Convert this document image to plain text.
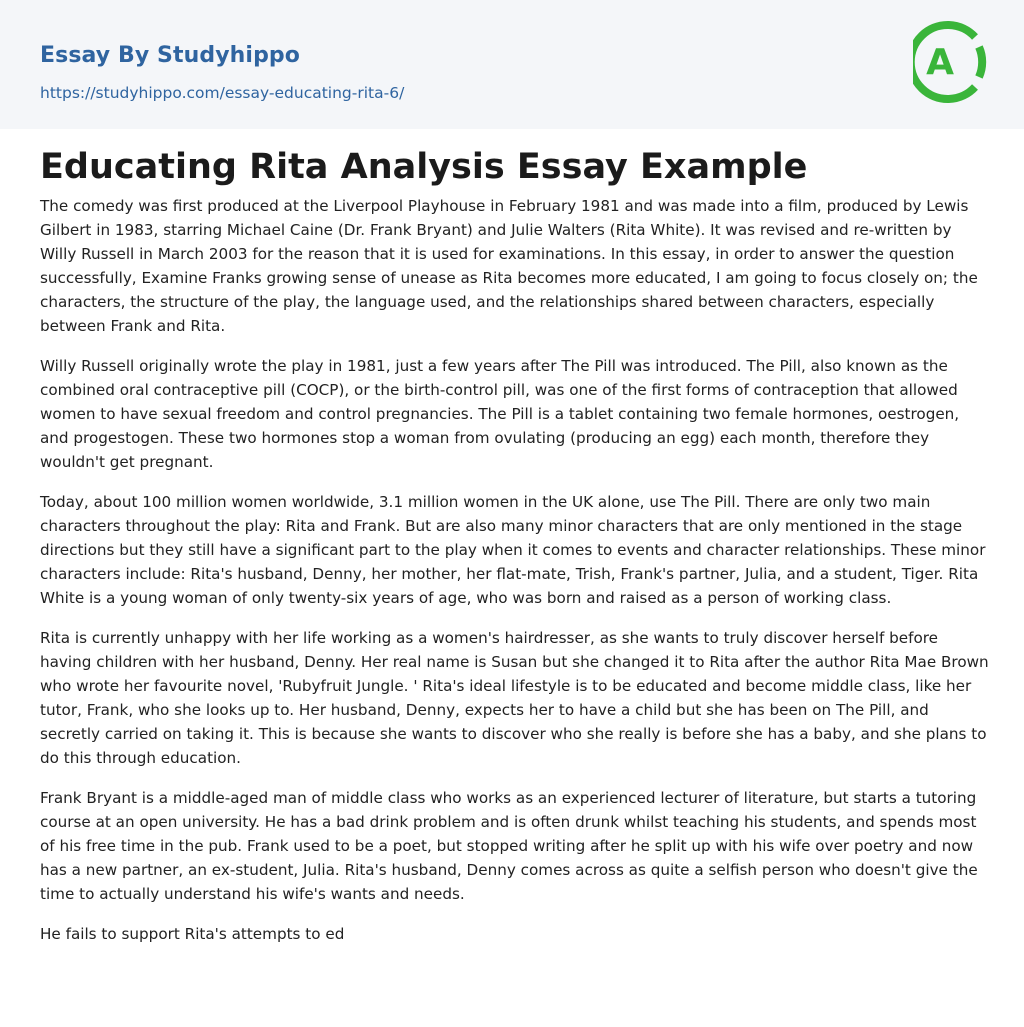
Essay By Studyhippo
https://studyhippo.com/essay-educating-rita-6/
A
Educating Rita Analysis Essay Example

The comedy was first produced at the Liverpool Playhouse in February 1981 and was made into a film, produced by Lewis Gilbert in 1983, starring Michael Caine (Dr. Frank Bryant) and Julie Walters (Rita White). It was revised and re-written by Willy Russell in March 2003 for the reason that it is used for examinations. In this essay, in order to answer the question successfully, Examine Franks growing sense of unease as Rita becomes more educated, I am going to focus closely on; the characters, the structure of the play, the language used, and the relationships shared between characters, especially between Frank and Rita.

Willy Russell originally wrote the play in 1981, just a few years after The Pill was introduced. The Pill, also known as the combined oral contraceptive pill (COCP), or the birth-control pill, was one of the first forms of contraception that allowed women to have sexual freedom and control pregnancies. The Pill is a tablet containing two female hormones, oestrogen, and progestogen. These two hormones stop a woman from ovulating (producing an egg) each month, therefore they wouldn't get pregnant.

Today, about 100 million women worldwide, 3.1 million women in the UK alone, use The Pill. There are only two main characters throughout the play: Rita and Frank. But are also many minor characters that are only mentioned in the stage directions but they still have a significant part to the play when it comes to events and character relationships. These minor characters include: Rita's husband, Denny, her mother, her flat-mate, Trish, Frank's partner, Julia, and a student, Tiger. Rita White is a young woman of only twenty-six years of age, who was born and raised as a person of working class.

Rita is currently unhappy with her life working as a women's hairdresser, as she wants to truly discover herself before having children with her husband, Denny. Her real name is Susan but she changed it to Rita after the author Rita Mae Brown who wrote her favourite novel, 'Rubyfruit Jungle. ' Rita's ideal lifestyle is to be educated and become middle class, like her tutor, Frank, who she looks up to. Her husband, Denny, expects her to have a child but she has been on The Pill, and secretly carried on taking it. This is because she wants to discover who she really is before she has a baby, and she plans to do this through education.

Frank Bryant is a middle-aged man of middle class who works as an experienced lecturer of literature, but starts a tutoring course at an open university. He has a bad drink problem and is often drunk whilst teaching his students, and spends most of his free time in the pub. Frank used to be a poet, but stopped writing after he split up with his wife over poetry and now has a new partner, an ex-student, Julia. Rita's husband, Denny comes across as quite a selfish person who doesn't give the time to actually understand his wife's wants and needs.

He fails to support Rita's attempts to ed
